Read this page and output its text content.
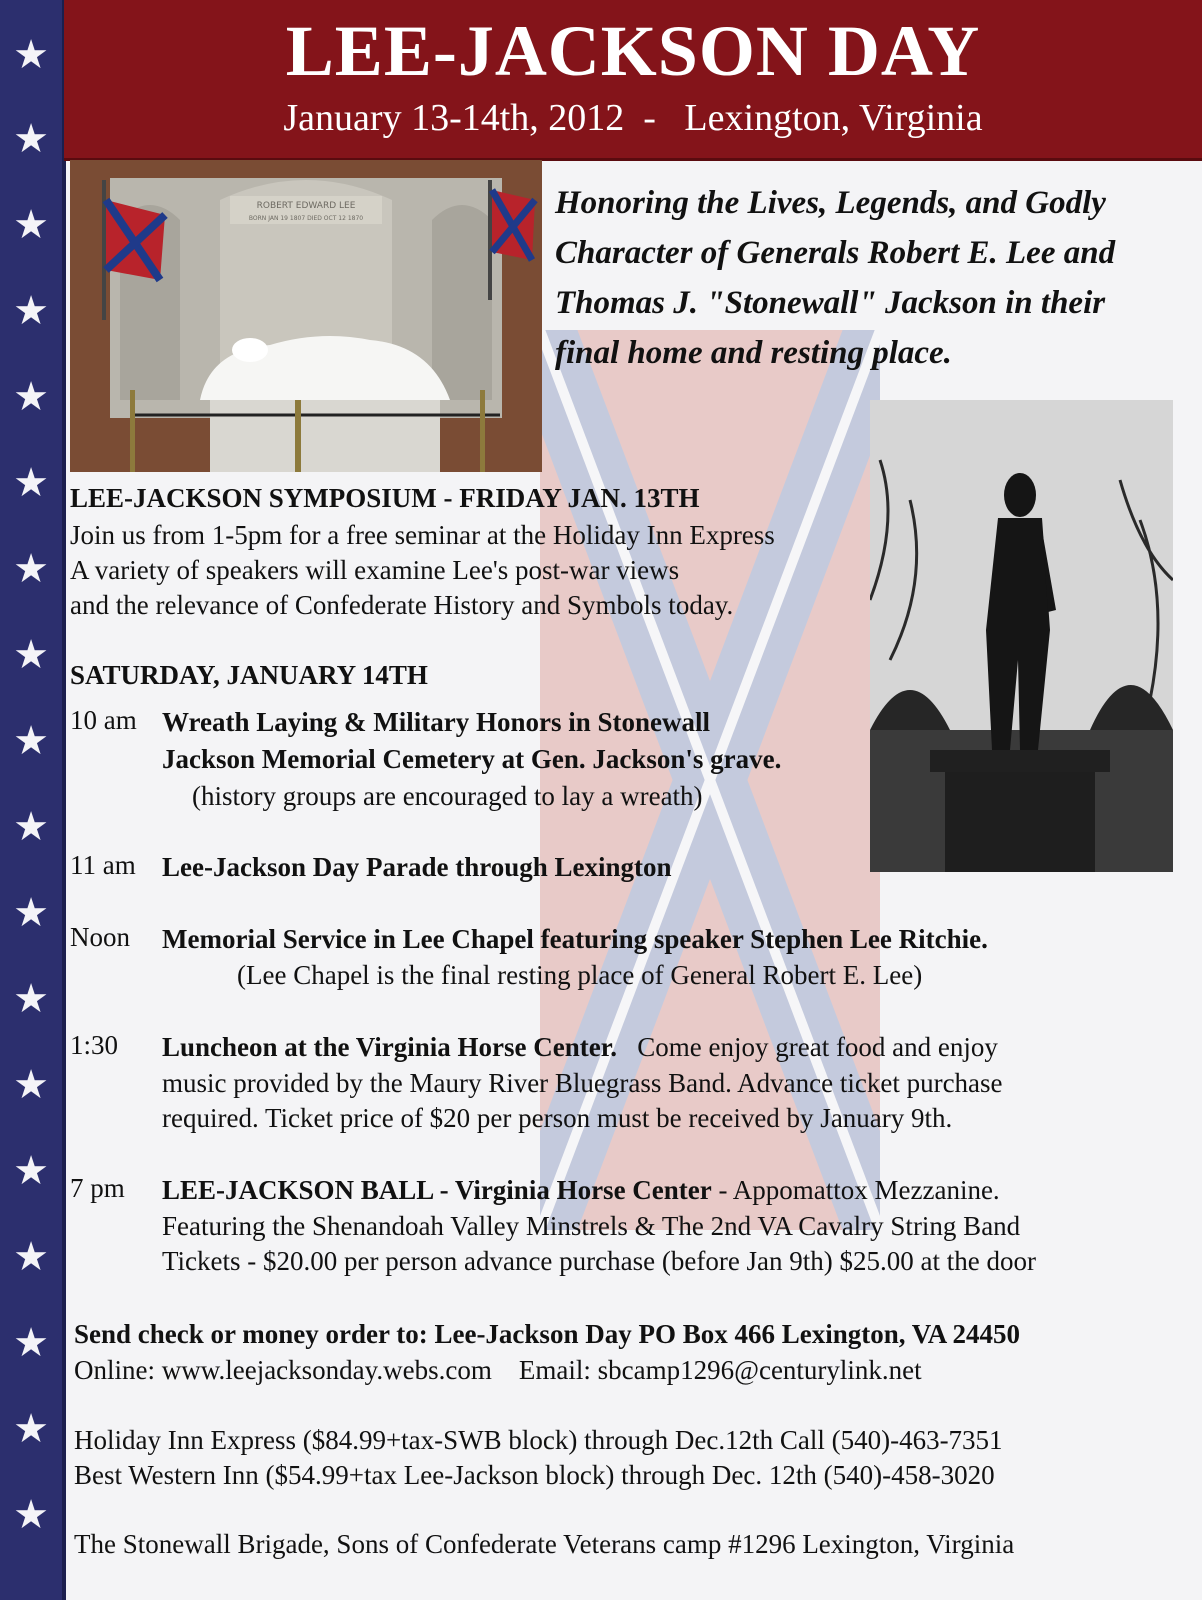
★
★
★
★
★
★
★
★
★
★
★
★
★
★
★
★
★
★
LEE-JACKSON DAY
January 13-14th, 2012  -   Lexington, Virginia
ROBERT EDWARD LEE
BORN JAN 19 1807 DIED OCT 12 1870	Honoring the Lives, Legends, and Godly Character of Generals Robert E. Lee and Thomas J. "Stonewall" Jackson in their final home and resting place.
LEE-JACKSON SYMPOSIUM - FRIDAY JAN. 13TH
Join us from 1-5pm for a free seminar at the Holiday Inn Express
A variety of speakers will examine Lee's post-war views
and the relevance of Confederate History and Symbols today.
SATURDAY, JANUARY 14TH
10 am Wreath Laying & Military Honors in Stonewall
Jackson Memorial Cemetery at Gen. Jackson's grave.
(history groups are encouraged to lay a wreath)
11 am Lee-Jackson Day Parade through Lexington
Noon Memorial Service in Lee Chapel featuring speaker Stephen Lee Ritchie.
(Lee Chapel is the final resting place of General Robert E. Lee)
1:30 Luncheon at the Virginia Horse Center. Come enjoy great food and enjoy
music provided by the Maury River Bluegrass Band. Advance ticket purchase
required. Ticket price of $20 per person must be received by January 9th.
7 pm LEE-JACKSON BALL - Virginia Horse Center - Appomattox Mezzanine.
Featuring the Shenandoah Valley Minstrels & The 2nd VA Cavalry String Band
Tickets - $20.00 per person advance purchase (before Jan 9th) $25.00 at the door
Send check or money order to: Lee-Jackson Day PO Box 466 Lexington, VA 24450
Online: www.leejacksonday.webs.com    Email: sbcamp1296@centurylink.net
Holiday Inn Express ($84.99+tax-SWB block) through Dec.12th Call (540)-463-7351
Best Western Inn ($54.99+tax Lee-Jackson block) through Dec. 12th (540)-458-3020
The Stonewall Brigade, Sons of Confederate Veterans camp #1296 Lexington, Virginia
